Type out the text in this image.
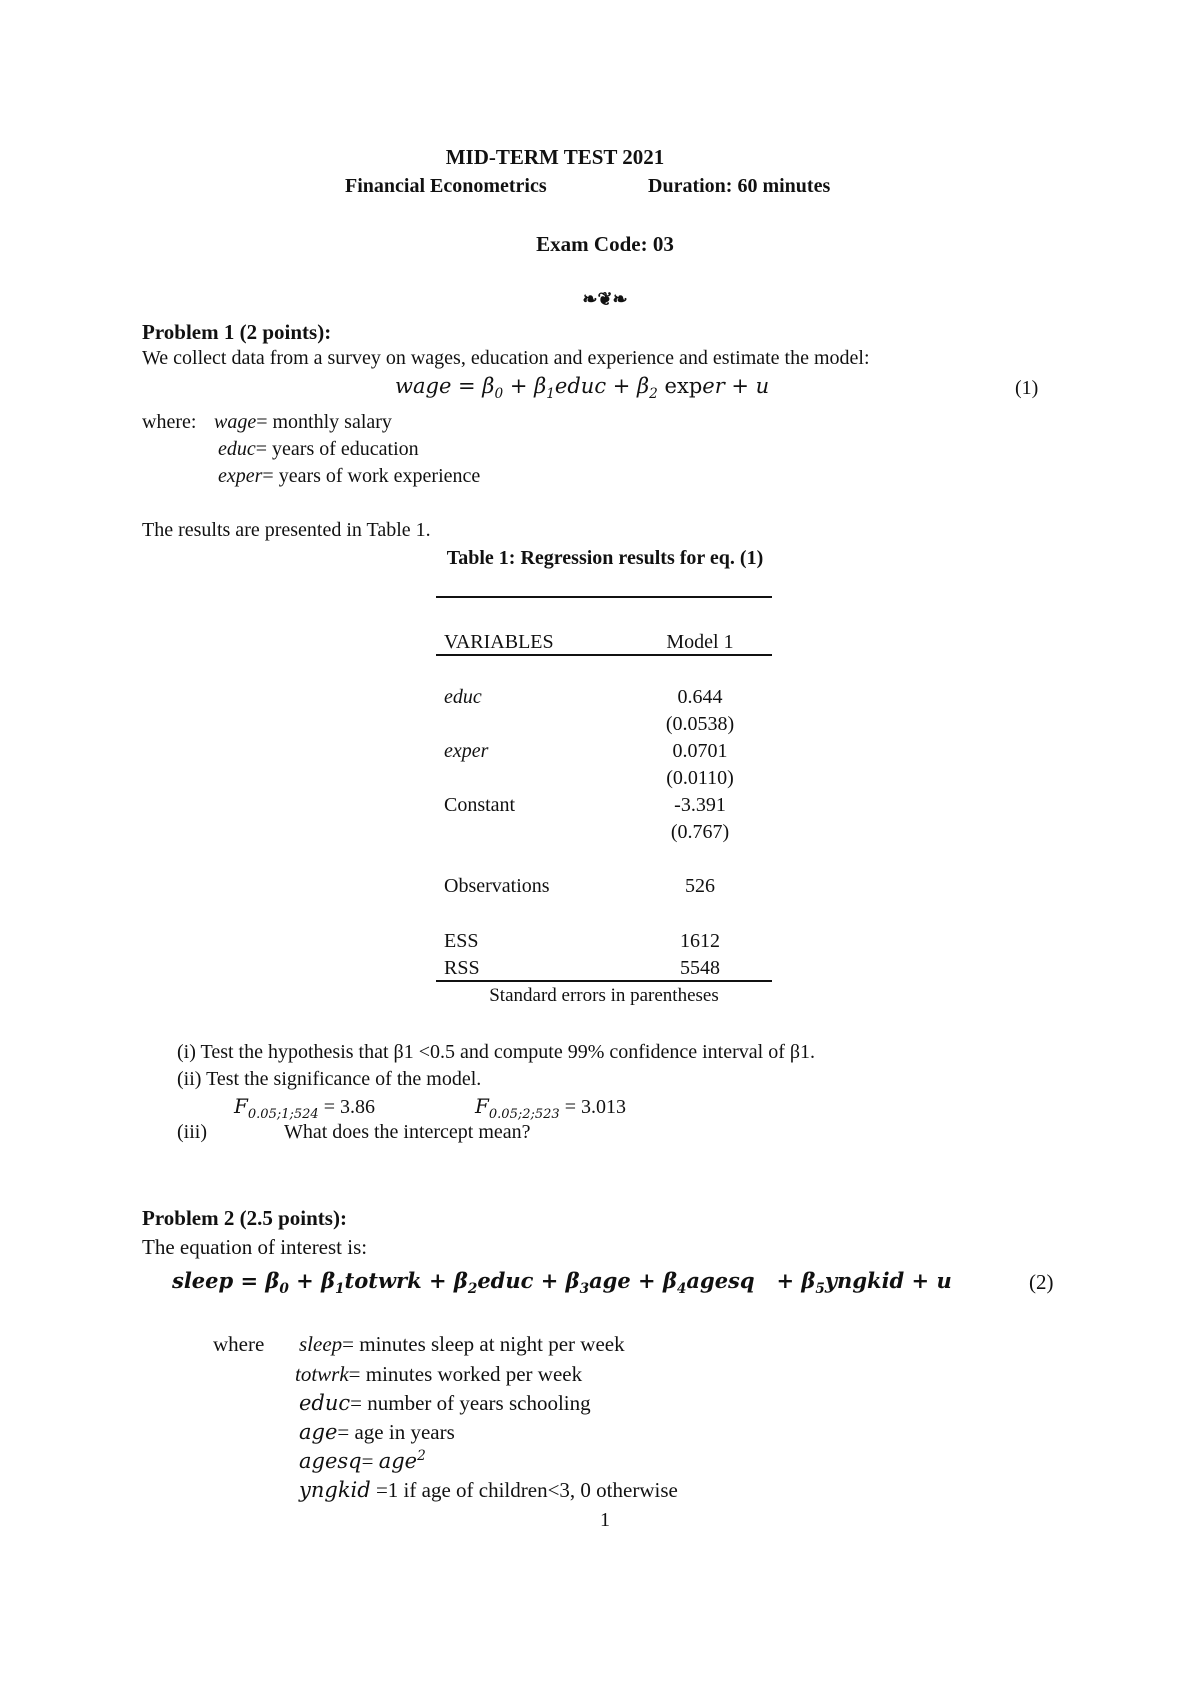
MID-TERM TEST 2021
Financial Econometrics	Duration: 60 minutes
Exam Code: 03
❧❦❧
Problem 1 (2 points):
We collect data from a survey on wages, education and experience and estimate the model:
wage = $\beta_0$ + $\beta_1educ + \beta_2$ exper + u	(1)
where: wage= monthly salary
educ= years of education
exper= years of work experience
The results are presented in Table 1.
Table 1: Regression results for eq. (1)
VARIABLES	Model 1
educ	0.644
(0.0538)
exper	0.0701
(0.0110)
Constant	-3.391
(0.767)
Observations	526
ESS	1612
RSS	5548
Standard errors in parentheses
(i) Test the hypothesis that β1 <0.5 and compute 99% confidence interval of β1.
(ii) Test the significance of the model.
$F_{0.05;1;524} = 3.86$	$F_{0.05;2;523} = 3.013$
(iii)	What does the intercept mean?
Problem 2 (2.5 points):
The equation of interest is:
sleep = $\beta_0$ + $\beta_1totwrk$ + $\beta_2educ + \beta_3age$ + $\beta_4agesq$   + $\beta_5yngkid + u$	(2)
where sleep= minutes sleep at night per week
totwrk= minutes worked per week
educ= number of years schooling
age= age in years
agesq= age$^2$
yngkid =1 if age of children<3, 0 otherwise
1
